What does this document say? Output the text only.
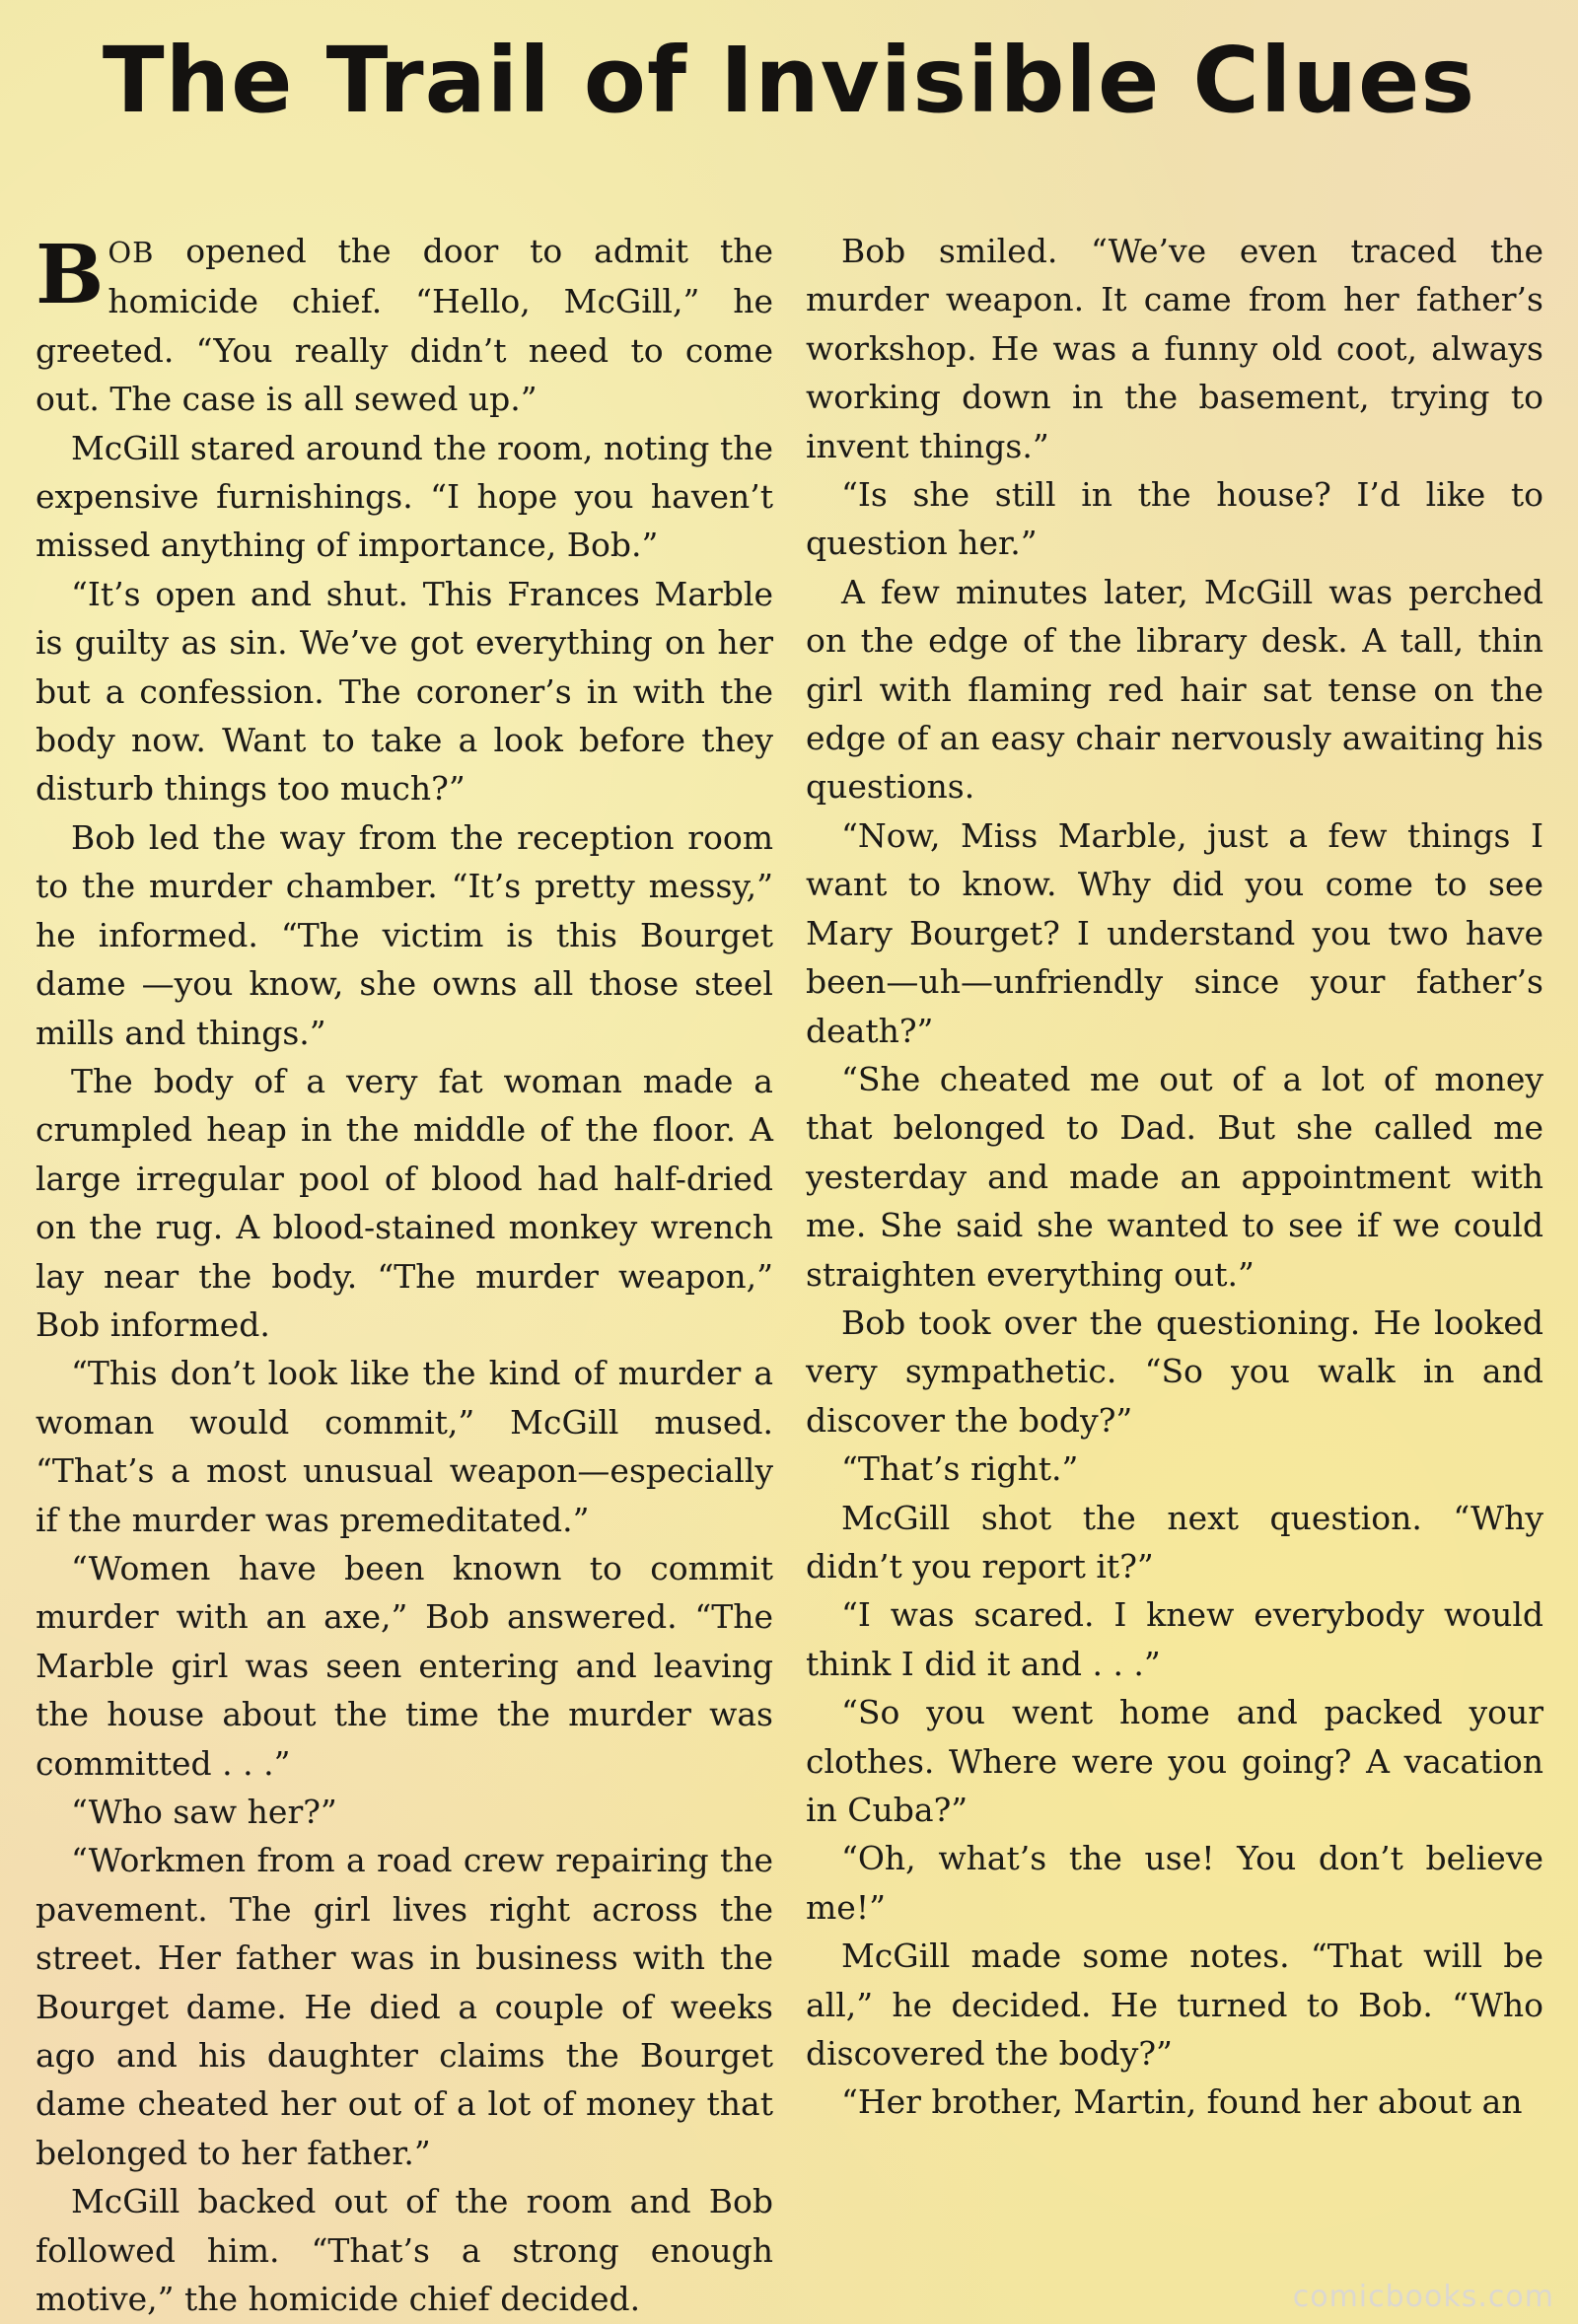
The Trail of Invisible Clues

BOB opened the door to admit the homicide chief. “Hello, McGill,” he greeted. “You really didn’t need to come out. The case is all sewed up.”

McGill stared around the room, noting the expensive furnishings. “I hope you haven’t missed anything of importance, Bob.”

“It’s open and shut. This Frances Marble is guilty as sin. We’ve got everything on her but a confession. The coroner’s in with the body now. Want to take a look before they disturb things too much?”

Bob led the way from the reception room to the murder chamber. “It’s pretty messy,” he informed. “The victim is this Bourget dame —you know, she owns all those steel mills and things.”

The body of a very fat woman made a crumpled heap in the middle of the floor. A large irregular pool of blood had half-dried on the rug. A blood-stained monkey wrench lay near the body. “The murder weapon,” Bob informed.

“This don’t look like the kind of murder a woman would commit,” McGill mused. “That’s a most unusual weapon—especially if the murder was premeditated.”

“Women have been known to commit murder with an axe,” Bob answered. “The Marble girl was seen entering and leaving the house about the time the murder was committed . . .”

“Who saw her?”

“Workmen from a road crew repairing the pavement. The girl lives right across the street. Her father was in business with the Bourget dame. He died a couple of weeks ago and his daughter claims the Bourget dame cheated her out of a lot of money that belonged to her father.”

McGill backed out of the room and Bob followed him. “That’s a strong enough motive,” the homicide chief decided.

Bob smiled. “We’ve even traced the murder weapon. It came from her father’s workshop. He was a funny old coot, always working down in the basement, trying to invent things.”

“Is she still in the house? I’d like to question her.”

A few minutes later, McGill was perched on the edge of the library desk. A tall, thin girl with flaming red hair sat tense on the edge of an easy chair nervously awaiting his questions.

“Now, Miss Marble, just a few things I want to know. Why did you come to see Mary Bourget? I understand you two have been—uh—unfriendly since your father’s death?”

“She cheated me out of a lot of money that belonged to Dad. But she called me yesterday and made an appointment with me. She said she wanted to see if we could straighten everything out.”

Bob took over the questioning. He looked very sympathetic. “So you walk in and discover the body?”

“That’s right.”

McGill shot the next question. “Why didn’t you report it?”

“I was scared. I knew everybody would think I did it and . . .”

“So you went home and packed your clothes. Where were you going? A vacation in Cuba?”

“Oh, what’s the use! You don’t believe me!”

McGill made some notes. “That will be all,” he decided. He turned to Bob. “Who discovered the body?”

“Her brother, Martin, found her about an

comicbooks.com
